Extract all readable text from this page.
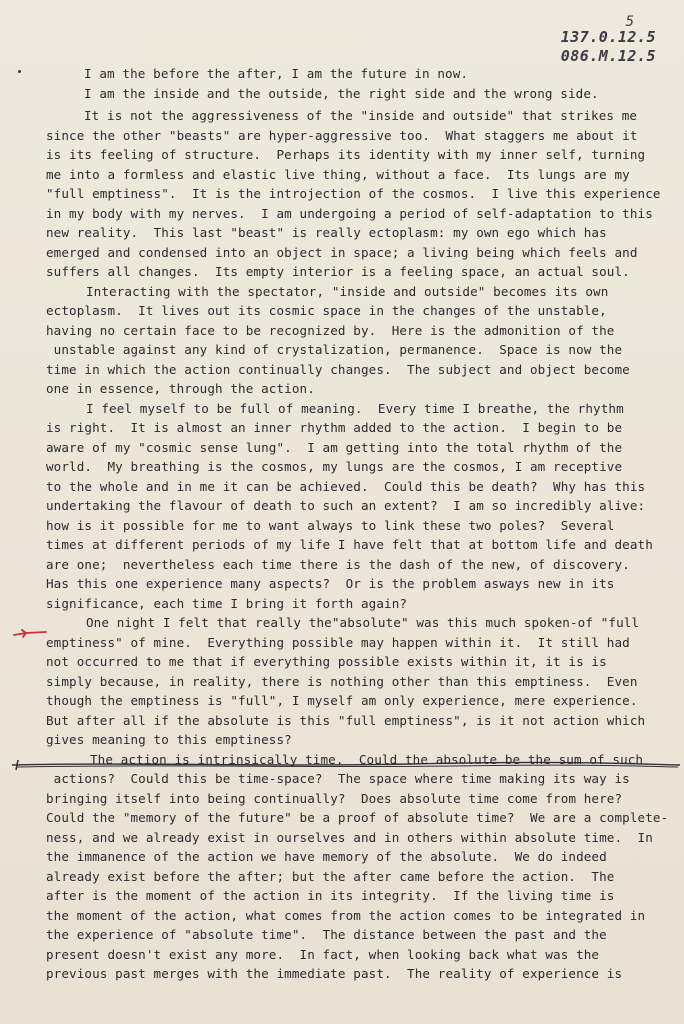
5
137.0.12.5
086.M.12.5
I am the before the after, I am the future in now.
I am the inside and the outside, the right side and the wrong side.
It is not the aggressiveness of the "inside and outside" that strikes me
since the other "beasts" are hyper-aggressive too.  What staggers me about it
is its feeling of structure.  Perhaps its identity with my inner self, turning
me into a formless and elastic live thing, without a face.  Its lungs are my
"full emptiness".  It is the introjection of the cosmos.  I live this experience
in my body with my nerves.  I am undergoing a period of self-adaptation to this
new reality.  This last "beast" is really ectoplasm: my own ego which has
emerged and condensed into an object in space; a living being which feels and
suffers all changes.  Its empty interior is a feeling space, an actual soul.
Interacting with the spectator, "inside and outside" becomes its own
ectoplasm.  It lives out its cosmic space in the changes of the unstable,
having no certain face to be recognized by.  Here is the admonition of the
unstable against any kind of crystalization, permanence.  Space is now the
time in which the action continually changes.  The subject and object become
one in essence, through the action.
I feel myself to be full of meaning.  Every time I breathe, the rhythm
is right.  It is almost an inner rhythm added to the action.  I begin to be
aware of my "cosmic sense lung".  I am getting into the total rhythm of the
world.  My breathing is the cosmos, my lungs are the cosmos, I am receptive
to the whole and in me it can be achieved.  Could this be death?  Why has this
undertaking the flavour of death to such an extent?  I am so incredibly alive:
how is it possible for me to want always to link these two poles?  Several
times at different periods of my life I have felt that at bottom life and death
are one;  nevertheless each time there is the dash of the new, of discovery.
Has this one experience many aspects?  Or is the problem asways new in its
significance, each time I bring it forth again?
One night I felt that really the"absolute" was this much spoken-of "full
emptiness" of mine.  Everything possible may happen within it.  It still had
not occurred to me that if everything possible exists within it, it is is
simply because, in reality, there is nothing other than this emptiness.  Even
though the emptiness is "full", I myself am only experience, mere experience.
But after all if the absolute is this "full emptiness", is it not action which
gives meaning to this emptiness?
The action is intrinsically time.  Could the absolute be the sum of such
actions?  Could this be time-space?  The space where time making its way is
bringing itself into being continually?  Does absolute time come from here?
Could the "memory of the future" be a proof of absolute time?  We are a complete-
ness, and we already exist in ourselves and in others within absolute time.  In
the immanence of the action we have memory of the absolute.  We do indeed
already exist before the after; but the after came before the action.  The
after is the moment of the action in its integrity.  If the living time is
the moment of the action, what comes from the action comes to be integrated in
the experience of "absolute time".  The distance between the past and the
present doesn't exist any more.  In fact, when looking back what was the
previous past merges with the immediate past.  The reality of experience is
